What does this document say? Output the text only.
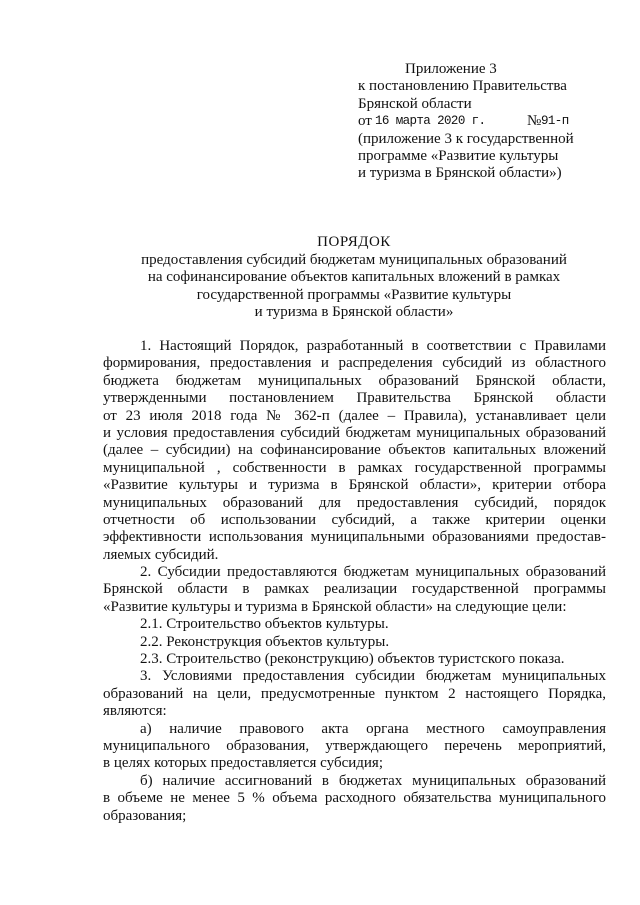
Приложение 3
к постановлению Правительства
Брянской области
от 16 марта 2020 г.	№ 91-п
(приложение 3 к государственной
программе «Развитие культуры
и туризма в Брянской области»)
ПОРЯДОК
предоставления субсидий бюджетам муниципальных образований
на софинансирование объектов капитальных вложений в рамках
государственной программы «Развитие культуры
и туризма в Брянской области»
1. Настоящий Порядок, разработанный в соответствии с Правилами
формирования, предоставления и распределения субсидий из областного
бюджета бюджетам муниципальных образований Брянской области,
утвержденными постановлением Правительства Брянской области
от 23 июля 2018 года № 362-п (далее – Правила), устанавливает цели
и условия предоставления субсидий бюджетам муниципальных образований
(далее – субсидии) на софинансирование объектов капитальных вложений
муниципальной , собственности в рамках государственной программы
«Развитие культуры и туризма в Брянской области», критерии отбора
муниципальных образований для предоставления субсидий, порядок
отчетности об использовании субсидий, а также критерии оценки
эффективности использования муниципальными образованиями предостав-
ляемых субсидий.
2. Субсидии предоставляются бюджетам муниципальных образований
Брянской области в рамках реализации государственной программы
«Развитие культуры и туризма в Брянской области» на следующие цели:
2.1. Строительство объектов культуры.
2.2. Реконструкция объектов культуры.
2.3. Строительство (реконструкцию) объектов туристского показа.
3. Условиями предоставления субсидии бюджетам муниципальных
образований на цели, предусмотренные пунктом 2 настоящего Порядка,
являются:
а) наличие правового акта органа местного самоуправления
муниципального образования, утверждающего перечень мероприятий,
в целях которых предоставляется субсидия;
б) наличие ассигнований в бюджетах муниципальных образований
в объеме не менее 5 % объема расходного обязательства муниципального
образования;
